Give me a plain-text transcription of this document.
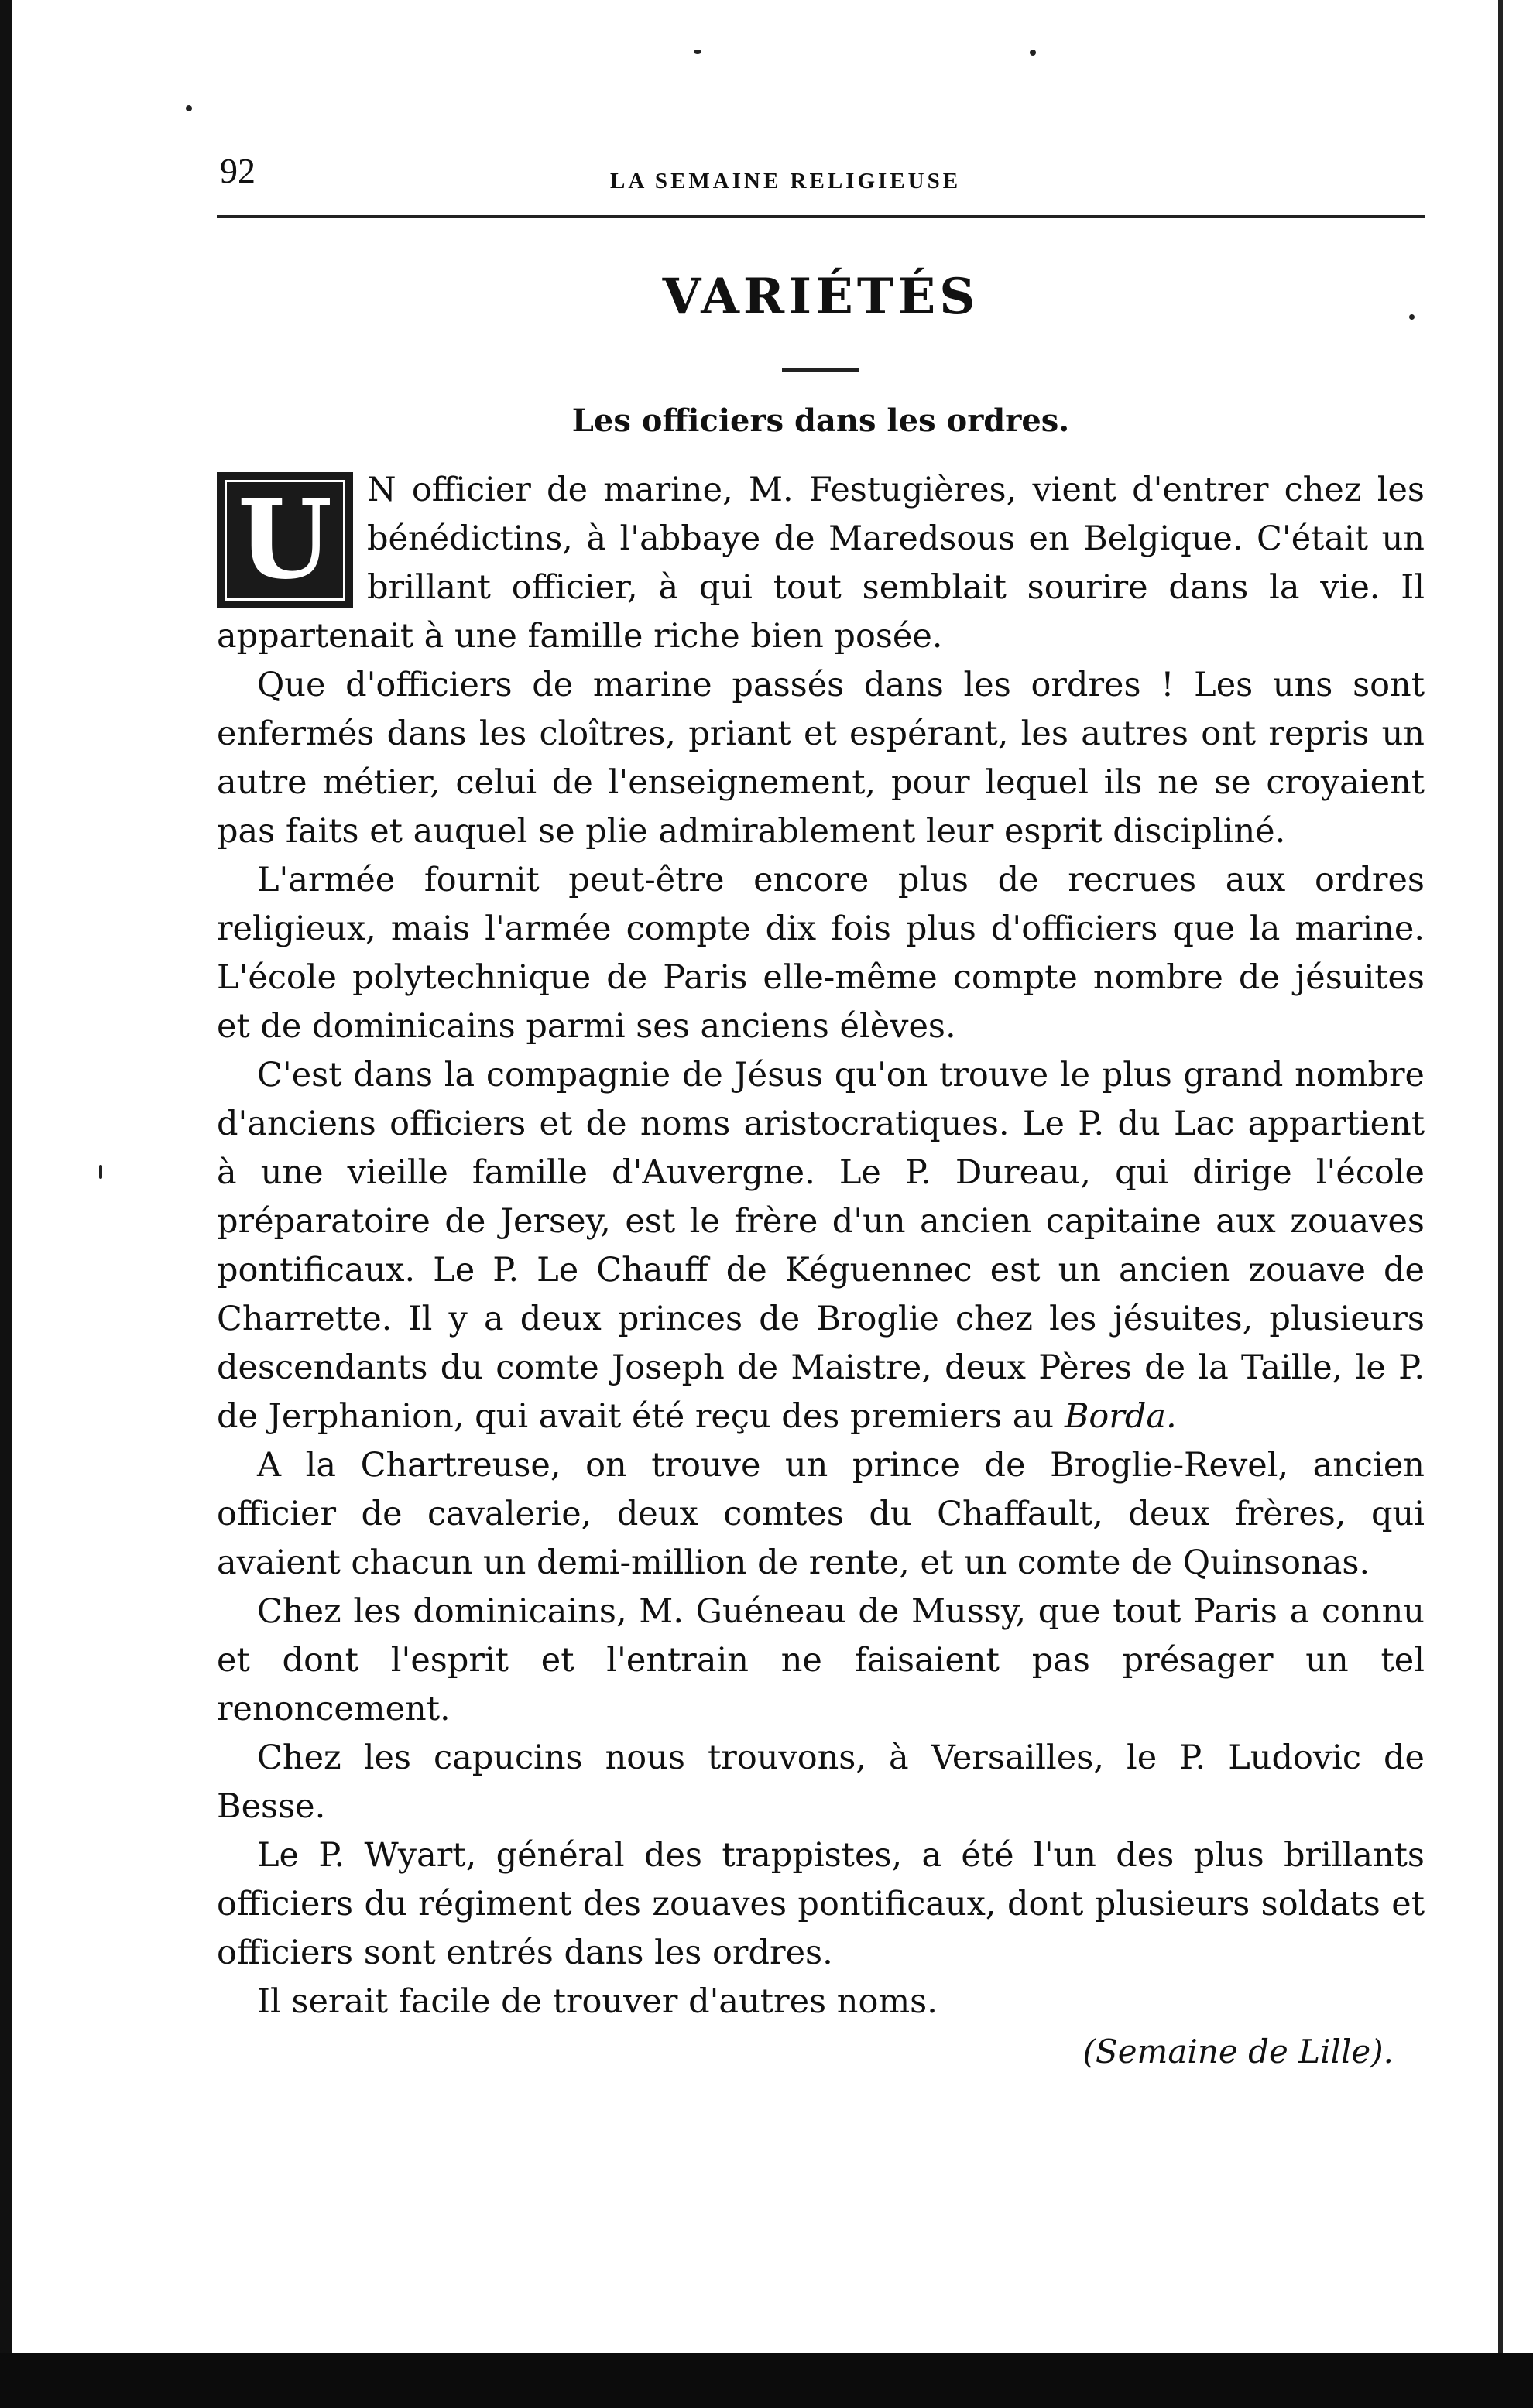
92	LA SEMAINE RELIGIEUSE
VARIÉTÉS
Les officiers dans les ordres.

U	N officier de marine, M. Festugières, vient d'entrer chez les bénédictins, à l'abbaye de Maredsous en Belgique. C'était un brillant officier, à qui tout semblait sourire dans la vie. Il appartenait à une famille riche bien posée.

Que d'officiers de marine passés dans les ordres ! Les uns sont enfermés dans les cloîtres, priant et espérant, les autres ont repris un autre métier, celui de l'enseignement, pour lequel ils ne se croyaient pas faits et auquel se plie admirablement leur esprit discipliné.

L'armée fournit peut-être encore plus de recrues aux ordres religieux, mais l'armée compte dix fois plus d'officiers que la marine. L'école polytechnique de Paris elle-même compte nombre de jésuites et de dominicains parmi ses anciens élèves.

C'est dans la compagnie de Jésus qu'on trouve le plus grand nombre d'anciens officiers et de noms aristocratiques. Le P. du Lac appartient à une vieille famille d'Auvergne. Le P. Dureau, qui dirige l'école préparatoire de Jersey, est le frère d'un ancien capitaine aux zouaves pontificaux. Le P. Le Chauff de Kéguennec est un ancien zouave de Charrette. Il y a deux princes de Broglie chez les jésuites, plusieurs descendants du comte Joseph de Maistre, deux Pères de la Taille, le P. de Jerphanion, qui avait été reçu des premiers au Borda.

A la Chartreuse, on trouve un prince de Broglie-Revel, ancien officier de cavalerie, deux comtes du Chaffault, deux frères, qui avaient chacun un demi-million de rente, et un comte de Quinsonas.

Chez les dominicains, M. Guéneau de Mussy, que tout Paris a connu et dont l'esprit et l'entrain ne faisaient pas présager un tel renoncement.

Chez les capucins nous trouvons, à Versailles, le P. Ludovic de Besse.

Le P. Wyart, général des trappistes, a été l'un des plus brillants officiers du régiment des zouaves pontificaux, dont plusieurs soldats et officiers sont entrés dans les ordres.

Il serait facile de trouver d'autres noms.

(Semaine de Lille).
